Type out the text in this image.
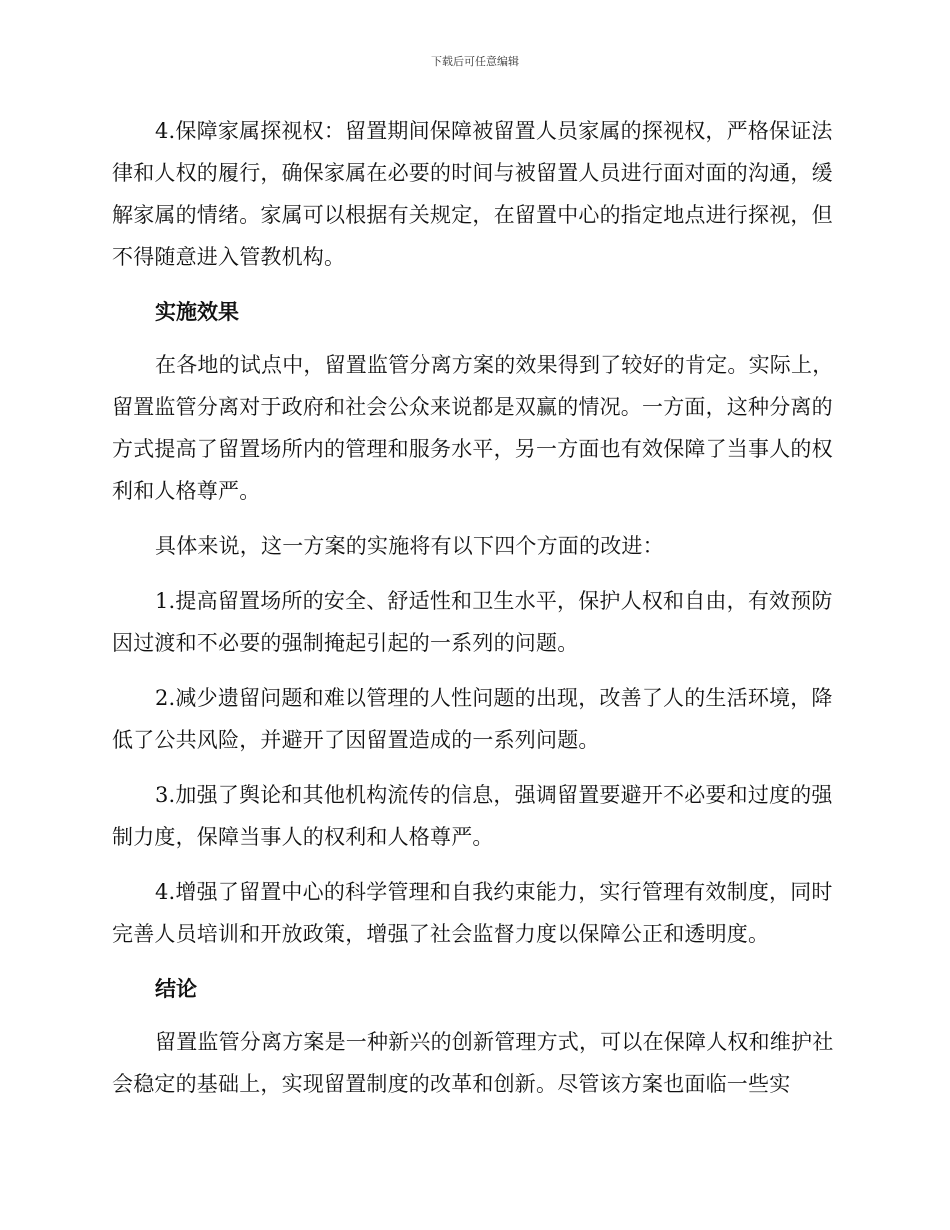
下载后可任意编辑

4.保障家属探视权：留置期间保障被留置人员家属的探视权，严格保证法律和人权的履行，确保家属在必要的时间与被留置人员进行面对面的沟通，缓解家属的情绪。家属可以根据有关规定，在留置中心的指定地点进行探视，但不得随意进入管教机构。

实施效果

在各地的试点中，留置监管分离方案的效果得到了较好的肯定。实际上，留置监管分离对于政府和社会公众来说都是双赢的情况。一方面，这种分离的方式提高了留置场所内的管理和服务水平，另一方面也有效保障了当事人的权利和人格尊严。

具体来说，这一方案的实施将有以下四个方面的改进：

1.提高留置场所的安全、舒适性和卫生水平，保护人权和自由，有效预防因过渡和不必要的强制掩起引起的一系列的问题。

2.减少遗留问题和难以管理的人性问题的出现，改善了人的生活环境，降低了公共风险，并避开了因留置造成的一系列问题。

3.加强了舆论和其他机构流传的信息，强调留置要避开不必要和过度的强制力度，保障当事人的权利和人格尊严。

4.增强了留置中心的科学管理和自我约束能力，实行管理有效制度，同时完善人员培训和开放政策，增强了社会监督力度以保障公正和透明度。

结论

留置监管分离方案是一种新兴的创新管理方式，可以在保障人权和维护社会稳定的基础上，实现留置制度的改革和创新。尽管该方案也面临一些实
